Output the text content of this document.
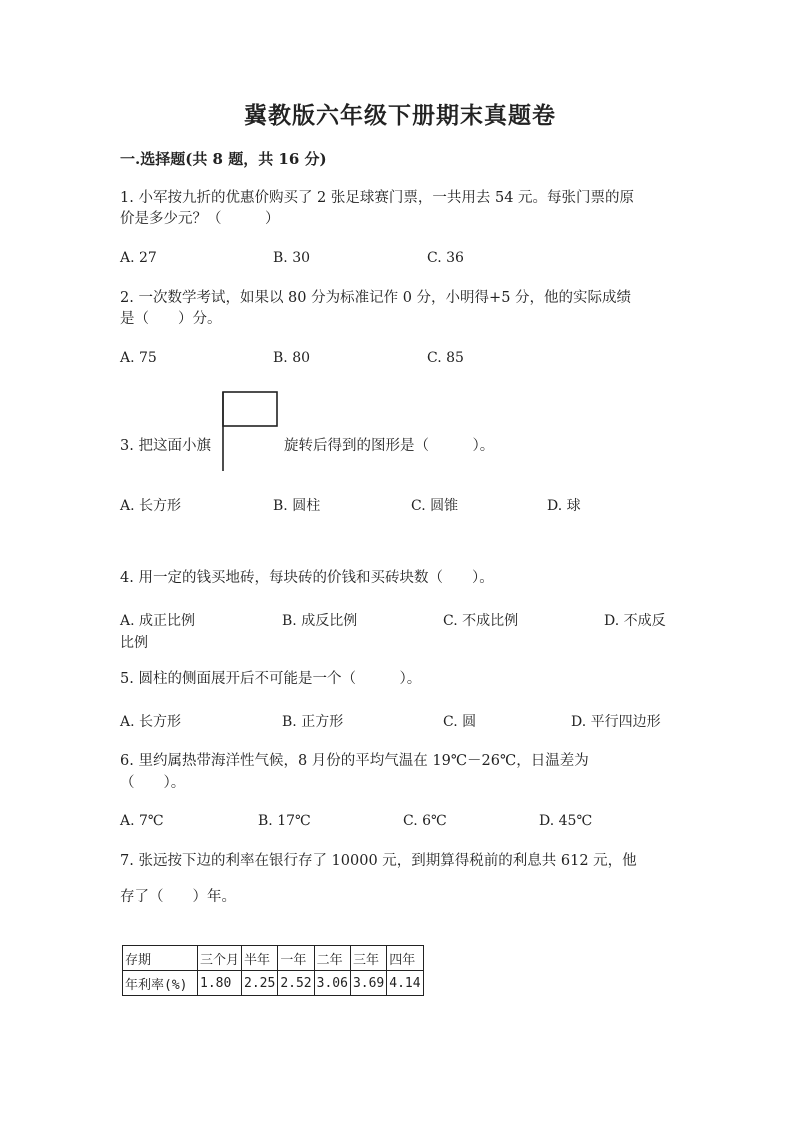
冀教版六年级下册期末真题卷
一.选择题(共 8 题，共 16 分)
1. 小军按九折的优惠价购买了 2 张足球赛门票，一共用去 54 元。每张门票的原
价是多少元？（　　　）
A. 27	B. 30	C. 36
2. 一次数学考试，如果以 80 分为标准记作 0 分，小明得+5 分，他的实际成绩
是（　　）分。
A. 75	B. 80	C. 85
3. 把这面小旗	旋转后得到的图形是（　　　）。
A. 长方形	B. 圆柱	C. 圆锥	D. 球
4. 用一定的钱买地砖，每块砖的价钱和买砖块数（　　）。
A. 成正比例	B. 成反比例	C. 不成比例	D. 不成反
比例
5. 圆柱的侧面展开后不可能是一个（　　　）。
A. 长方形	B. 正方形	C. 圆	D. 平行四边形
6. 里约属热带海洋性气候，8 月份的平均气温在 19℃－26℃，日温差为
（　　）。
A. 7℃	B. 17℃	C. 6℃	D. 45℃
7. 张远按下边的利率在银行存了 10000 元，到期算得税前的利息共 612 元，他
存了（　　）年。
存期	三个月	半年	一年	二年	三年	四年
年利率(%)	1.80	2.25	2.52	3.06	3.69	4.14
